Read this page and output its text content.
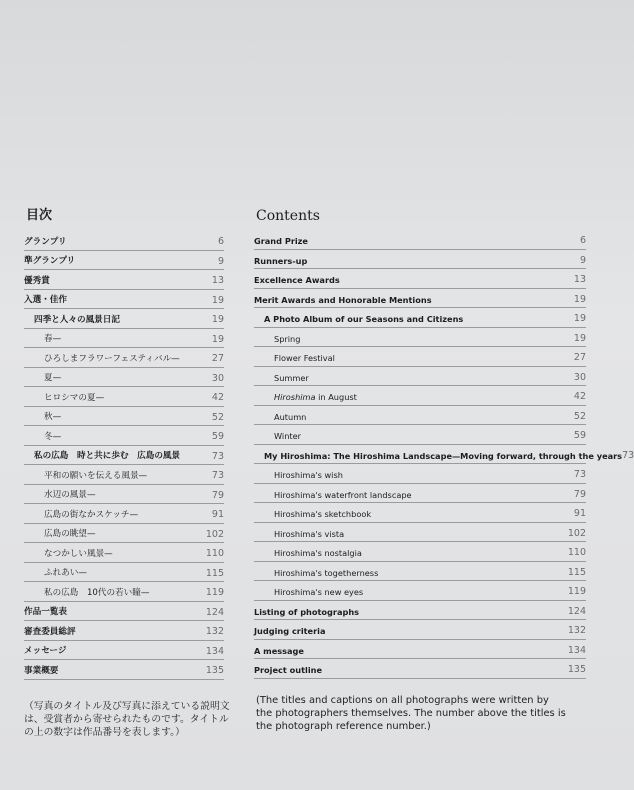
目次
グランプリ	6
準グランプリ	9
優秀賞	13
入選・佳作	19
四季と人々の風景日記	19
春—	19
ひろしまフラワーフェスティバル—	27
夏—	30
ヒロシマの夏—	42
秋—	52
冬—	59
私の広島　時と共に歩む　広島の風景	73
平和の願いを伝える風景—	73
水辺の風景—	79
広島の街なかスケッチ—	91
広島の眺望—	102
なつかしい風景—	110
ふれあい—	115
私の広島　10代の若い瞳—	119
作品一覧表	124
審査委員総評	132
メッセージ	134
事業概要	135
Contents
Grand Prize	6
Runners-up	9
Excellence Awards	13
Merit Awards and Honorable Mentions	19
A Photo Album of our Seasons and Citizens	19
Spring	19
Flower Festival	27
Summer	30
Hiroshima in August	42
Autumn	52
Winter	59
My Hiroshima: The Hiroshima Landscape—Moving forward, through the years 73
Hiroshima's wish	73
Hiroshima's waterfront landscape	79
Hiroshima's sketchbook	91
Hiroshima's vista	102
Hiroshima's nostalgia	110
Hiroshima's togetherness	115
Hiroshima's new eyes	119
Listing of photographs	124
Judging criteria	132
A message	134
Project outline	135
（写真のタイトル及び写真に添えている説明文は、受賞者から寄せられたものです。タイトルの上の数字は作品番号を表します。）
(The titles and captions on all photographs were written by the photographers themselves. The number above the titles is the photograph reference number.)
